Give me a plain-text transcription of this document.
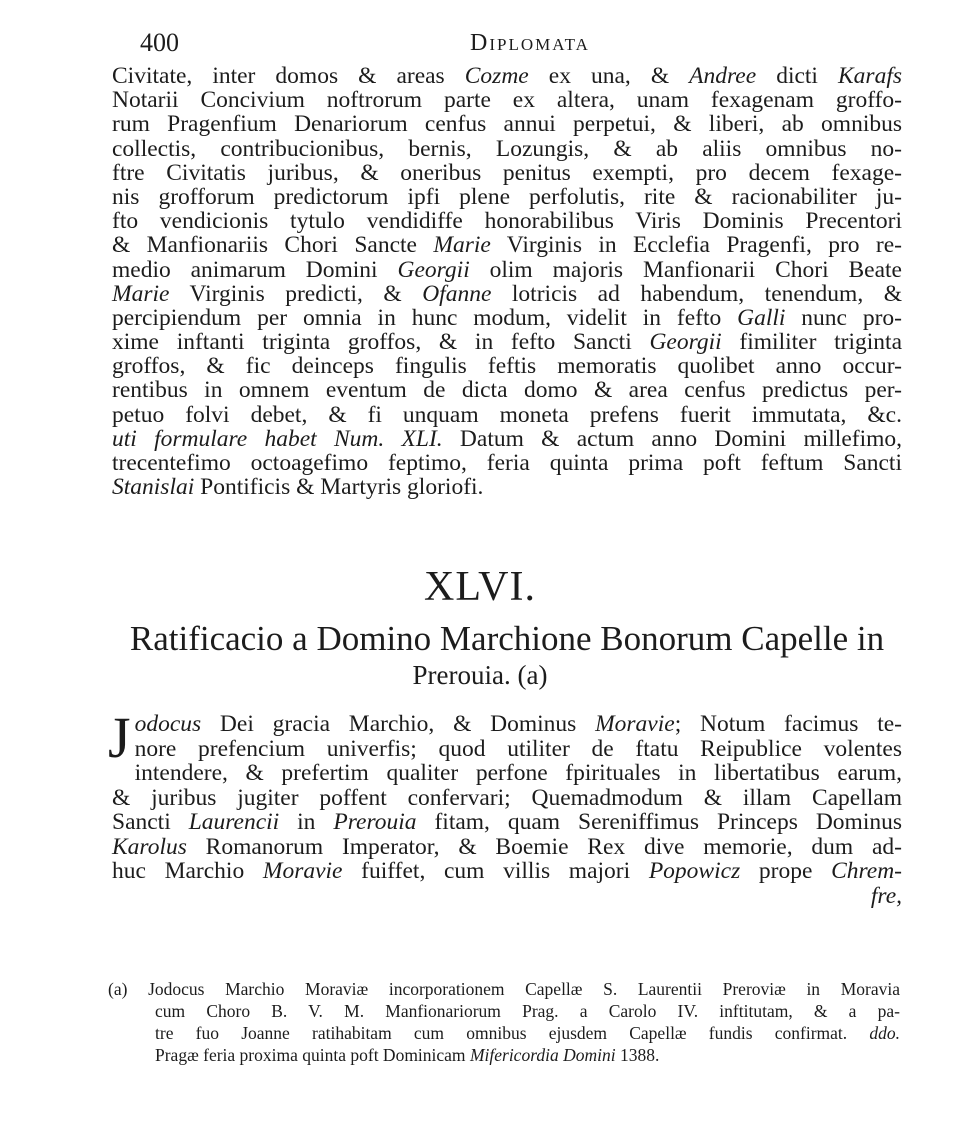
400	Diplomata
Civitate, inter domos & areas Cozme ex una, & Andree dicti Karafs
Notarii Concivium noftrorum parte ex altera, unam fexagenam groffo-
rum Pragenfium Denariorum cenfus annui perpetui, & liberi, ab omnibus
collectis, contribucionibus, bernis, Lozungis, & ab aliis omnibus no-
ftre Civitatis juribus, & oneribus penitus exempti, pro decem fexage-
nis grofforum predictorum ipfi plene perfolutis, rite & racionabiliter ju-
fto vendicionis tytulo vendidiffe honorabilibus Viris Dominis Precentori
& Manfionariis Chori Sancte Marie Virginis in Ecclefia Pragenfi, pro re-
medio animarum Domini Georgii olim majoris Manfionarii Chori Beate
Marie Virginis predicti, & Ofanne lotricis ad habendum, tenendum, &
percipiendum per omnia in hunc modum, videlit in fefto Galli nunc pro-
xime inftanti triginta groffos, & in fefto Sancti Georgii fimiliter triginta
groffos, & fic deinceps fingulis feftis memoratis quolibet anno occur-
rentibus in omnem eventum de dicta domo & area cenfus predictus per-
petuo folvi debet, & fi unquam moneta prefens fuerit immutata, &c.
uti formulare habet Num. XLI. Datum & actum anno Domini millefimo,
trecentefimo octoagefimo feptimo, feria quinta prima poft feftum Sancti
Stanislai Pontificis & Martyris gloriofi.
XLVI.
Ratificacio a Domino Marchione Bonorum Capelle in
Prerouia. (a)
J odocus Dei gracia Marchio, & Dominus Moravie; Notum facimus te-
nore prefencium univerfis; quod utiliter de ftatu Reipublice volentes
intendere, & prefertim qualiter perfone fpirituales in libertatibus earum,
& juribus jugiter poffent confervari; Quemadmodum & illam Capellam
Sancti Laurencii in Prerouia fitam, quam Sereniffimus Princeps Dominus
Karolus Romanorum Imperator, & Boemie Rex dive memorie, dum ad-
huc Marchio Moravie fuiffet, cum villis majori Popowicz prope Chrem-
fre,
(a) Jodocus Marchio Moraviæ incorporationem Capellæ S. Laurentii Preroviæ in Moravia
cum Choro B. V. M. Manfionariorum Prag. a Carolo IV. inftitutam, & a pa-
tre fuo Joanne ratihabitam cum omnibus ejusdem Capellæ fundis confirmat. ddo.
Pragæ feria proxima quinta poft Dominicam Mifericordia Domini 1388.
